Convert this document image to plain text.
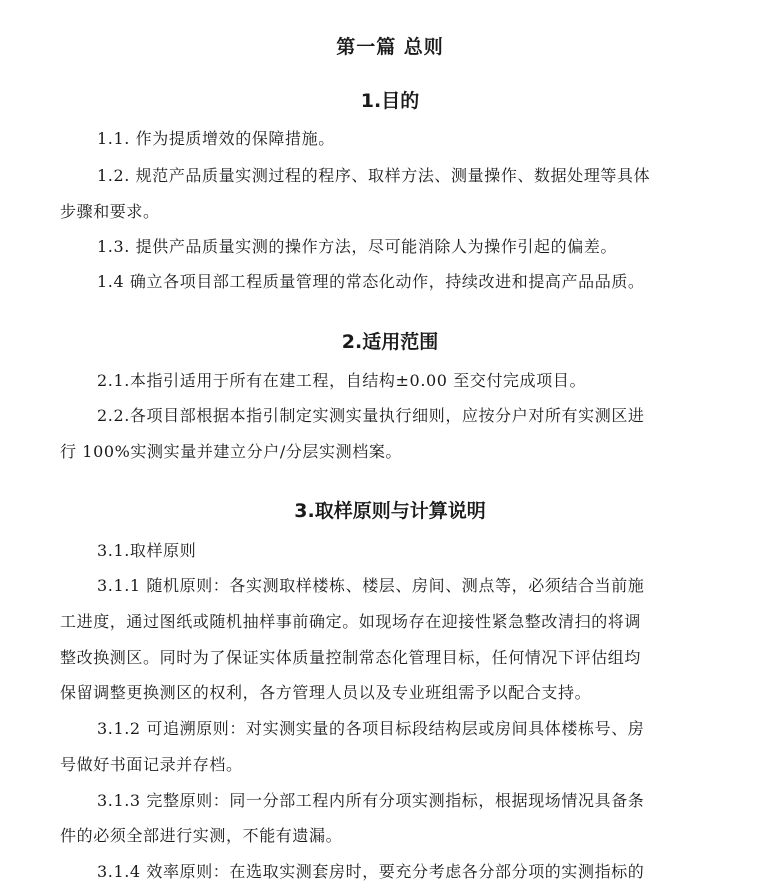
第一篇 总则
1.目的
1.1. 作为提质增效的保障措施。
1.2. 规范产品质量实测过程的程序、取样方法、测量操作、数据处理等具体
步骤和要求。
1.3. 提供产品质量实测的操作方法，尽可能消除人为操作引起的偏差。
1.4 确立各项目部工程质量管理的常态化动作，持续改进和提高产品品质。
2.适用范围
2.1.本指引适用于所有在建工程，自结构±0.00 至交付完成项目。
2.2.各项目部根据本指引制定实测实量执行细则，应按分户对所有实测区进
行 100%实测实量并建立分户/分层实测档案。
3.取样原则与计算说明
3.1.取样原则
3.1.1 随机原则：各实测取样楼栋、楼层、房间、测点等，必须结合当前施
工进度，通过图纸或随机抽样事前确定。如现场存在迎接性紧急整改清扫的将调
整改换测区。同时为了保证实体质量控制常态化管理目标，任何情况下评估组均
保留调整更换测区的权利，各方管理人员以及专业班组需予以配合支持。
3.1.2 可追溯原则：对实测实量的各项目标段结构层或房间具体楼栋号、房
号做好书面记录并存档。
3.1.3 完整原则：同一分部工程内所有分项实测指标，根据现场情况具备条
件的必须全部进行实测，不能有遗漏。
3.1.4 效率原则：在选取实测套房时，要充分考虑各分部分项的实测指标的
